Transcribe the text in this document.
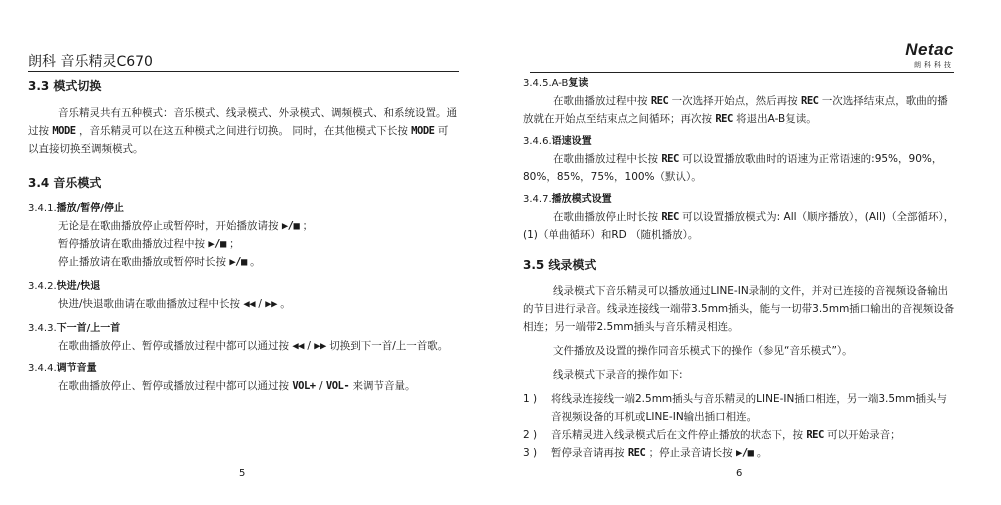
朗科 音乐精灵C670
Netac
朗科科技
3.3 模式切换

音乐精灵共有五种模式：音乐模式、线录模式、外录模式、调频模式、和系统设置。通过按 MODE ，音乐精灵可以在这五种模式之间进行切换。 同时，在其他模式下长按 MODE 可以直接切换至调频模式。

3.4 音乐模式
3.4.1.播放/暂停/停止

无论是在歌曲播放停止或暂停时，开始播放请按 ▶/■ ；

暂停播放请在歌曲播放过程中按 ▶/■ ；

停止播放请在歌曲播放或暂停时长按 ▶/■ 。

3.4.2.快进/快退

快进/快退歌曲请在歌曲播放过程中长按 ◀◀ / ▶▶ 。

3.4.3.下一首/上一首

在歌曲播放停止、暂停或播放过程中都可以通过按 ◀◀ / ▶▶ 切换到下一首/上一首歌。

3.4.4.调节音量

在歌曲播放停止、暂停或播放过程中都可以通过按 VOL+ / VOL- 来调节音量。

5
3.4.5.A-B复读

在歌曲播放过程中按 REC 一次选择开始点，然后再按 REC 一次选择结束点，歌曲的播放就在开始点至结束点之间循环；再次按 REC 将退出A-B复读。

3.4.6.语速设置

在歌曲播放过程中长按 REC 可以设置播放歌曲时的语速为正常语速的:95%，90%，80%，85%，75%，100%（默认）。

3.4.7.播放模式设置

在歌曲播放停止时长按 REC 可以设置播放模式为: All（顺序播放），(All)（全部循环），(1)（单曲循环）和RD （随机播放）。

3.5 线录模式

线录模式下音乐精灵可以播放通过LINE-IN录制的文件，并对已连接的音视频设备输出的节目进行录音。线录连接线一端带3.5mm插头，能与一切带3.5mm插口输出的音视频设备相连；另一端带2.5mm插头与音乐精灵相连。

文件播放及设置的操作同音乐模式下的操作（参见“音乐模式”）。

线录模式下录音的操作如下:

1 )	将线录连接线一端2.5mm插头与音乐精灵的LINE-IN插口相连，另一端3.5mm插头与音视频设备的耳机或LINE-IN输出插口相连。
2 )	音乐精灵进入线录模式后在文件停止播放的状态下，按 REC 可以开始录音；
3 )	暂停录音请再按 REC ；停止录音请长按 ▶/■ 。
6
